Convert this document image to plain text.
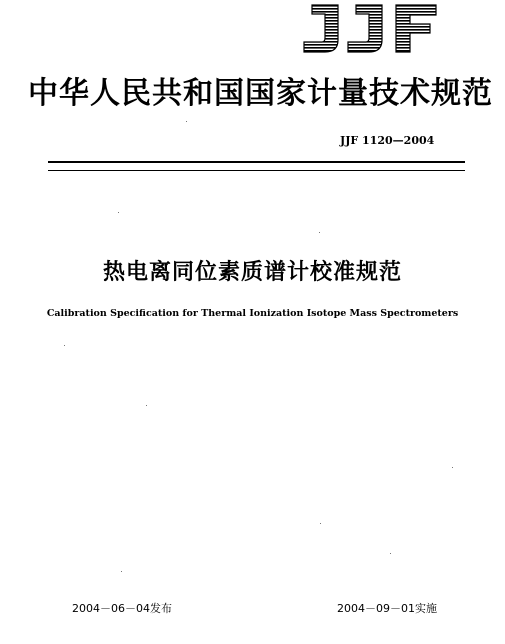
中华人民共和国国家计量技术规范
JJF 1120—2004
热电离同位素质谱计校准规范
Calibration Specification for Thermal Ionization Isotope Mass Spectrometers
2004－06－04发布	2004－09－01实施
